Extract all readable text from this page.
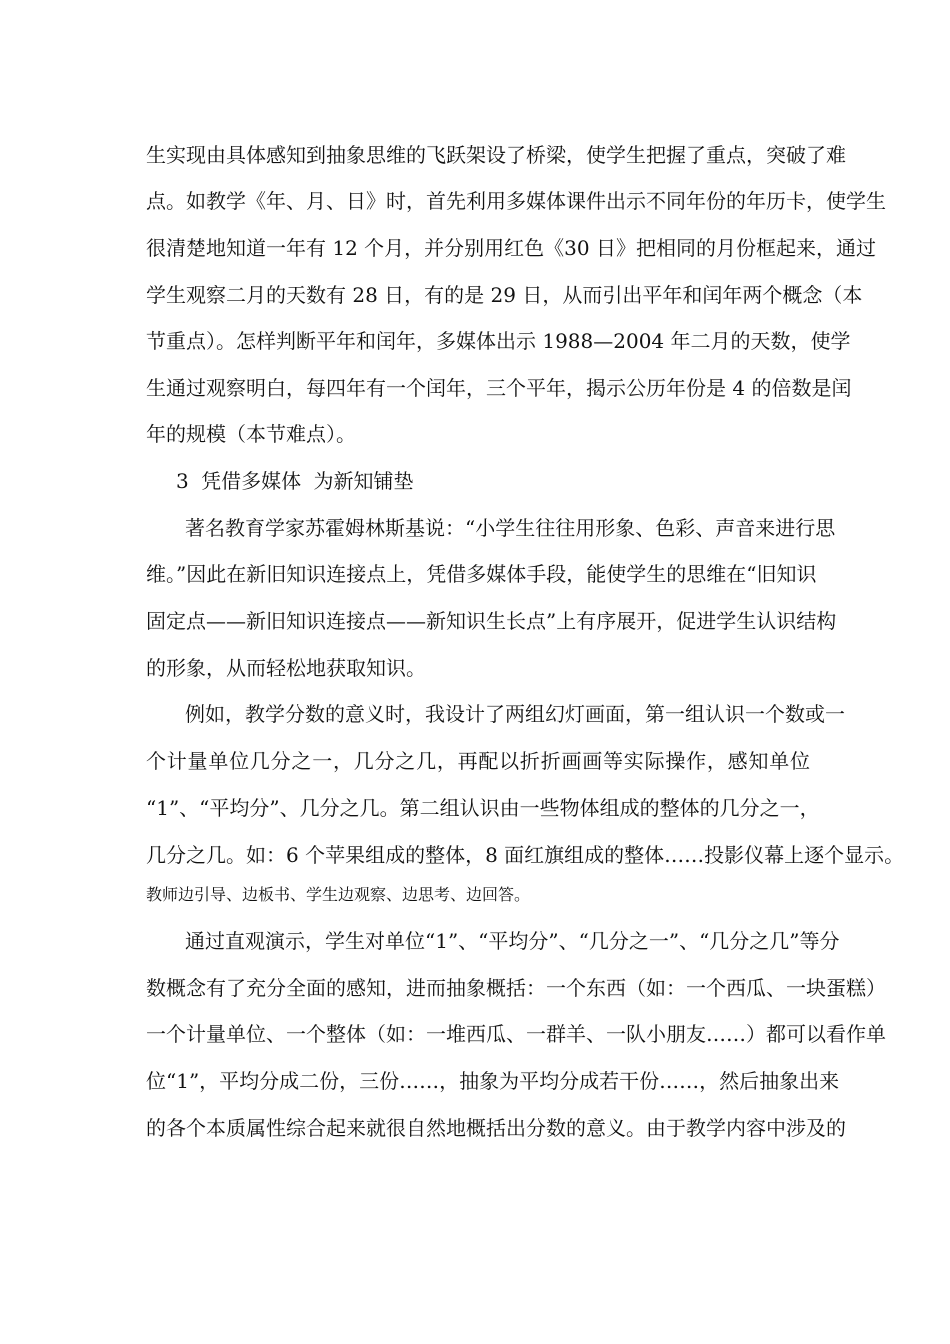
生实现由具体感知到抽象思维的飞跃架设了桥梁，使学生把握了重点，突破了难
点。如教学《年、月、日》时，首先利用多媒体课件出示不同年份的年历卡，使学生
很清楚地知道一年有 12 个月，并分别用红色《30 日》把相同的月份框起来，通过
学生观察二月的天数有 28 日，有的是 29 日，从而引出平年和闰年两个概念（本
节重点）。怎样判断平年和闰年，多媒体出示 1988—2004 年二月的天数，使学
生通过观察明白，每四年有一个闰年，三个平年，揭示公历年份是 4 的倍数是闰
年的规模（本节难点）。
3 凭借多媒体 为新知铺垫
著名教育学家苏霍姆林斯基说：“小学生往往用形象、色彩、声音来进行思
维。”因此在新旧知识连接点上，凭借多媒体手段，能使学生的思维在“旧知识
固定点——新旧知识连接点——新知识生长点”上有序展开，促进学生认识结构
的形象，从而轻松地获取知识。
例如，教学分数的意义时，我设计了两组幻灯画面，第一组认识一个数或一
个计量单位几分之一，几分之几，再配以折折画画等实际操作，感知单位
“1”、“平均分”、几分之几。第二组认识由一些物体组成的整体的几分之一，
几分之几。如：6 个苹果组成的整体，8 面红旗组成的整体……投影仪幕上逐个显示。
教师边引导、边板书、学生边观察、边思考、边回答。
通过直观演示，学生对单位“1”、“平均分”、“几分之一”、“几分之几”等分
数概念有了充分全面的感知，进而抽象概括：一个东西（如：一个西瓜、一块蛋糕）
一个计量单位、一个整体（如：一堆西瓜、一群羊、一队小朋友……）都可以看作单
位“1”，平均分成二份，三份……，抽象为平均分成若干份……，然后抽象出来
的各个本质属性综合起来就很自然地概括出分数的意义。由于教学内容中涉及的
